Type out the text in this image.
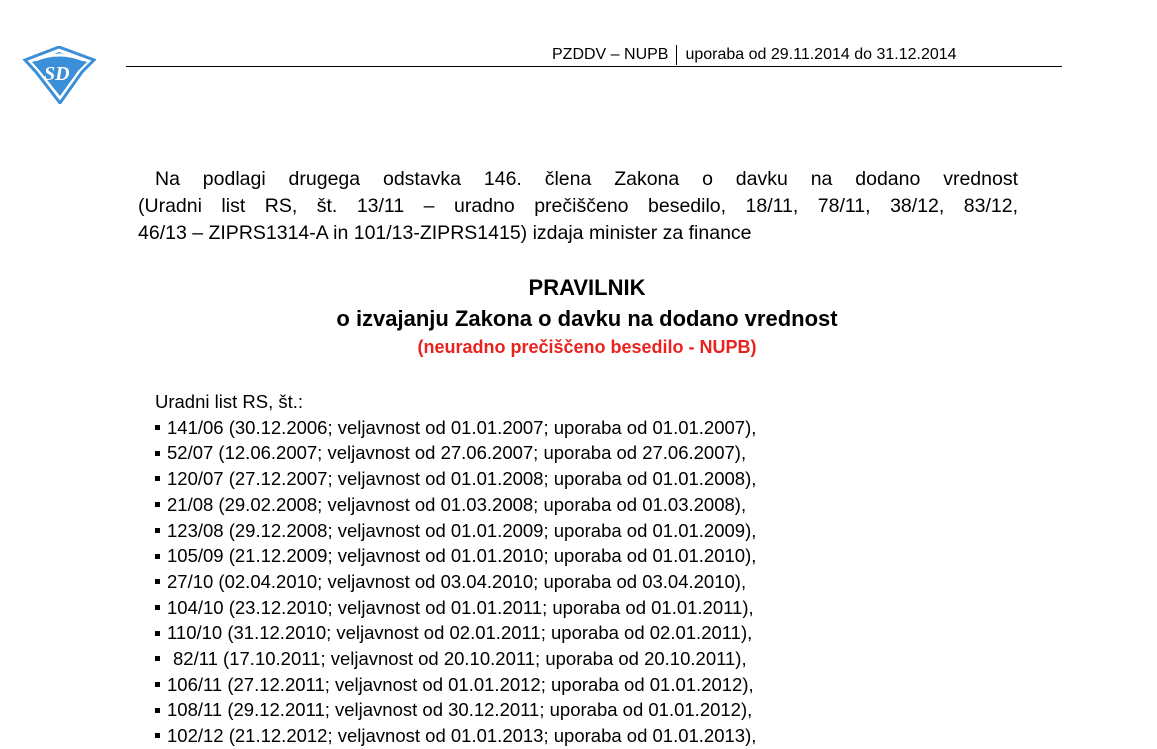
SD
PZDDV – NUPB uporaba od 29.11.2014 do 31.12.2014
Na podlagi drugega odstavka 146. člena Zakona o davku na dodano vrednost
(Uradni list RS, št. 13/11 – uradno prečiščeno besedilo, 18/11, 78/11, 38/12, 83/12,
46/13 – ZIPRS1314-A in 101/13-ZIPRS1415) izdaja minister za finance
PRAVILNIK
o izvajanju Zakona o davku na dodano vrednost
(neuradno prečiščeno besedilo - NUPB)
Uradni list RS, št.:
141/06 (30.12.2006; veljavnost od 01.01.2007; uporaba od 01.01.2007),
52/07 (12.06.2007; veljavnost od 27.06.2007; uporaba od 27.06.2007),
120/07 (27.12.2007; veljavnost od 01.01.2008; uporaba od 01.01.2008),
21/08 (29.02.2008; veljavnost od 01.03.2008; uporaba od 01.03.2008),
123/08 (29.12.2008; veljavnost od 01.01.2009; uporaba od 01.01.2009),
105/09 (21.12.2009; veljavnost od 01.01.2010; uporaba od 01.01.2010),
27/10 (02.04.2010; veljavnost od 03.04.2010; uporaba od 03.04.2010),
104/10 (23.12.2010; veljavnost od 01.01.2011; uporaba od 01.01.2011),
110/10 (31.12.2010; veljavnost od 02.01.2011; uporaba od 02.01.2011),
82/11 (17.10.2011; veljavnost od 20.10.2011; uporaba od 20.10.2011),
106/11 (27.12.2011; veljavnost od 01.01.2012; uporaba od 01.01.2012),
108/11 (29.12.2011; veljavnost od 30.12.2011; uporaba od 01.01.2012),
102/12 (21.12.2012; veljavnost od 01.01.2013; uporaba od 01.01.2013),
